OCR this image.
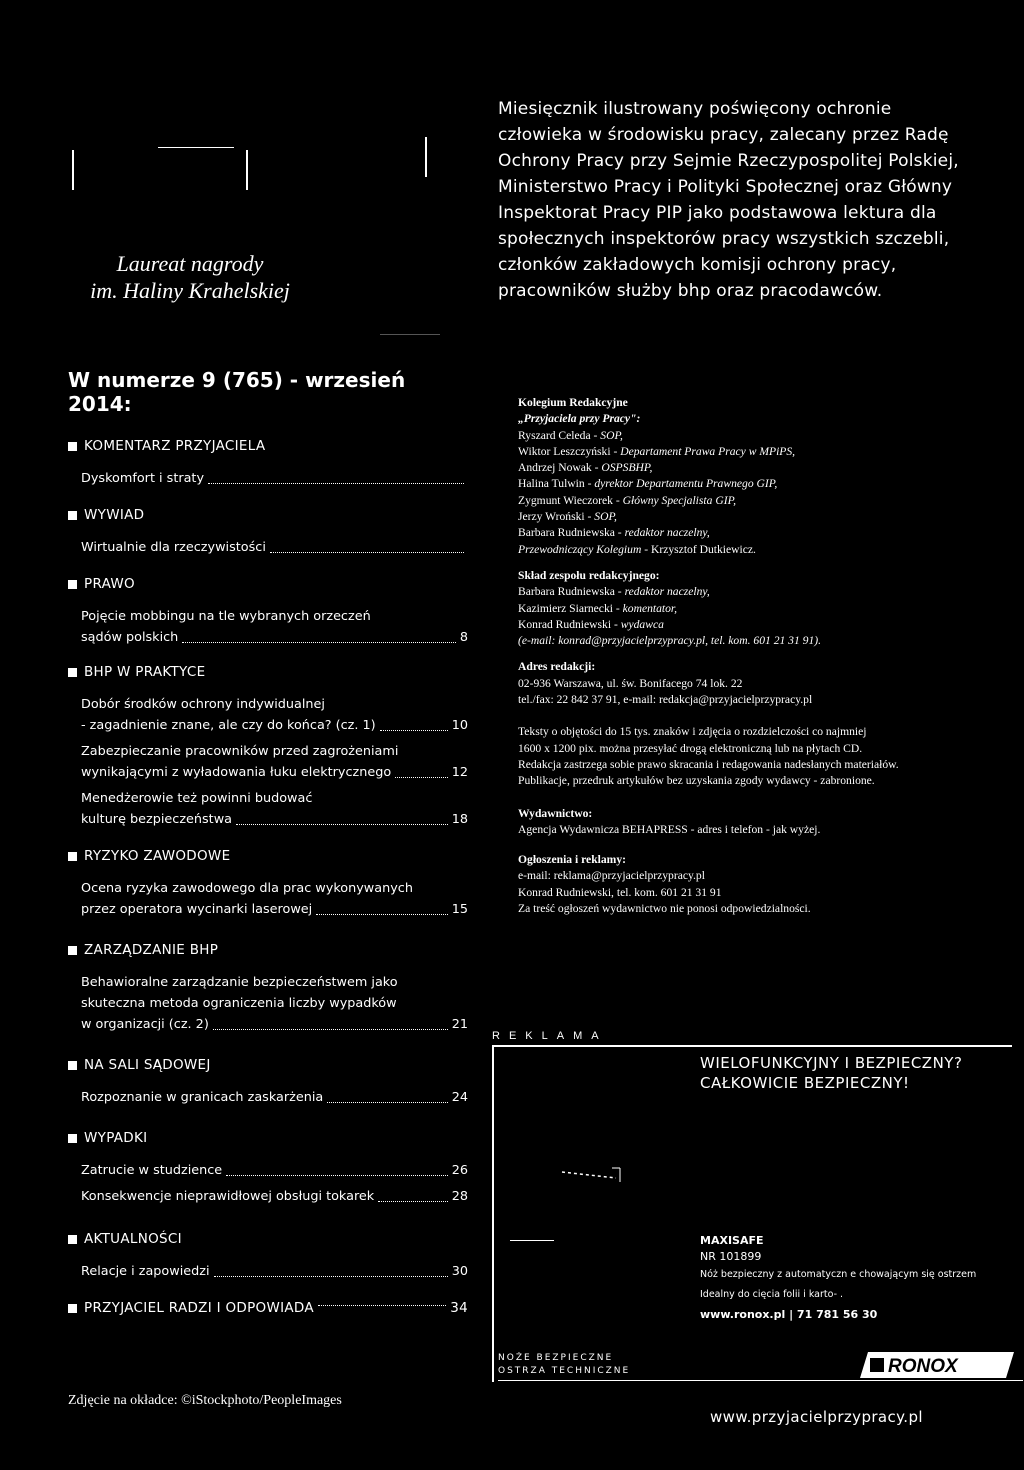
Laureat nagrody
im. Haliny Krahelskiej
Miesięcznik ilustrowany poświęcony ochronie człowieka w środowisku pracy, zalecany przez Radę Ochrony Pracy przy Sejmie Rzeczypospolitej Polskiej, Ministerstwo Pracy i Polityki Społecznej oraz Główny Inspektorat Pracy PIP jako podstawowa lektura dla społecznych inspektorów pracy wszystkich szczebli, członków zakładowych komisji ochrony pracy, pracowników służby bhp oraz pracodawców.
W numerze 9 (765) - wrzesień 2014:
KOMENTARZ PRZYJACIELA
Dyskomfort i straty
WYWIAD
Wirtualnie dla rzeczywistości
PRAWO
Pojęcie mobbingu na tle wybranych orzeczeń
sądów polskich	8
BHP W PRAKTYCE
Dobór środków ochrony indywidualnej
- zagadnienie znane, ale czy do końca? (cz. 1)	10
Zabezpieczanie pracowników przed zagrożeniami
wynikającymi z wyładowania łuku elektrycznego	12
Menedżerowie też powinni budować
kulturę bezpieczeństwa	18
RYZYKO ZAWODOWE
Ocena ryzyka zawodowego dla prac wykonywanych
przez operatora wycinarki laserowej	15
ZARZĄDZANIE BHP
Behawioralne zarządzanie bezpieczeństwem jako
skuteczna metoda ograniczenia liczby wypadków
w organizacji (cz. 2)	21
NA SALI SĄDOWEJ
Rozpoznanie w granicach zaskarżenia	24
WYPADKI
Zatrucie w studzience	26
Konsekwencje nieprawidłowej obsługi tokarek	28
AKTUALNOŚCI
Relacje i zapowiedzi	30
PRZYJACIEL RADZI I ODPOWIADA	34
Zdjęcie na okładce: ©iStockphoto/PeopleImages
Kolegium Redakcyjne
„Przyjaciela przy Pracy":
Ryszard Celeda - SOP,
Wiktor Leszczyński - Departament Prawa Pracy w MPiPS,
Andrzej Nowak - OSPSBHP,
Halina Tulwin - dyrektor Departamentu Prawnego GIP,
Zygmunt Wieczorek - Główny Specjalista GIP,
Jerzy Wroński - SOP,
Barbara Rudniewska - redaktor naczelny,
Przewodniczący Kolegium - Krzysztof Dutkiewicz.
Skład zespołu redakcyjnego:
Barbara Rudniewska - redaktor naczelny,
Kazimierz Siarnecki - komentator,
Konrad Rudniewski - wydawca
(e-mail: konrad@przyjacielprzypracy.pl, tel. kom. 601 21 31 91).
Adres redakcji:
02-936 Warszawa, ul. św. Bonifacego 74 lok. 22
tel./fax: 22 842 37 91, e-mail: redakcja@przyjacielprzypracy.pl
Teksty o objętości do 15 tys. znaków i zdjęcia o rozdzielczości co najmniej
1600 x 1200 pix. można przesyłać drogą elektroniczną lub na płytach CD.
Redakcja zastrzega sobie prawo skracania i redagowania nadesłanych materiałów.
Publikacje, przedruk artykułów bez uzyskania zgody wydawcy - zabronione.
Wydawnictwo:
Agencja Wydawnicza BEHAPRESS - adres i telefon - jak wyżej.
Ogłoszenia i reklamy:
e-mail: reklama@przyjacielprzypracy.pl
Konrad Rudniewski, tel. kom. 601 21 31 91
Za treść ogłoszeń wydawnictwo nie ponosi odpowiedzialności.
REKLAMA
WIELOFUNKCYJNY I BEZPIECZNY?
CAŁKOWICIE BEZPIECZNY!
MAXISAFE
NR 101899
Nóż bezpieczny z automatyczn e chowającym się ostrzem
Idealny do cięcia folii i karto- .
www.ronox.pl | 71 781 56 30
NOŻE BEZPIECZNE
OSTRZA TECHNICZNE	RONOX
www.przyjacielprzypracy.pl
